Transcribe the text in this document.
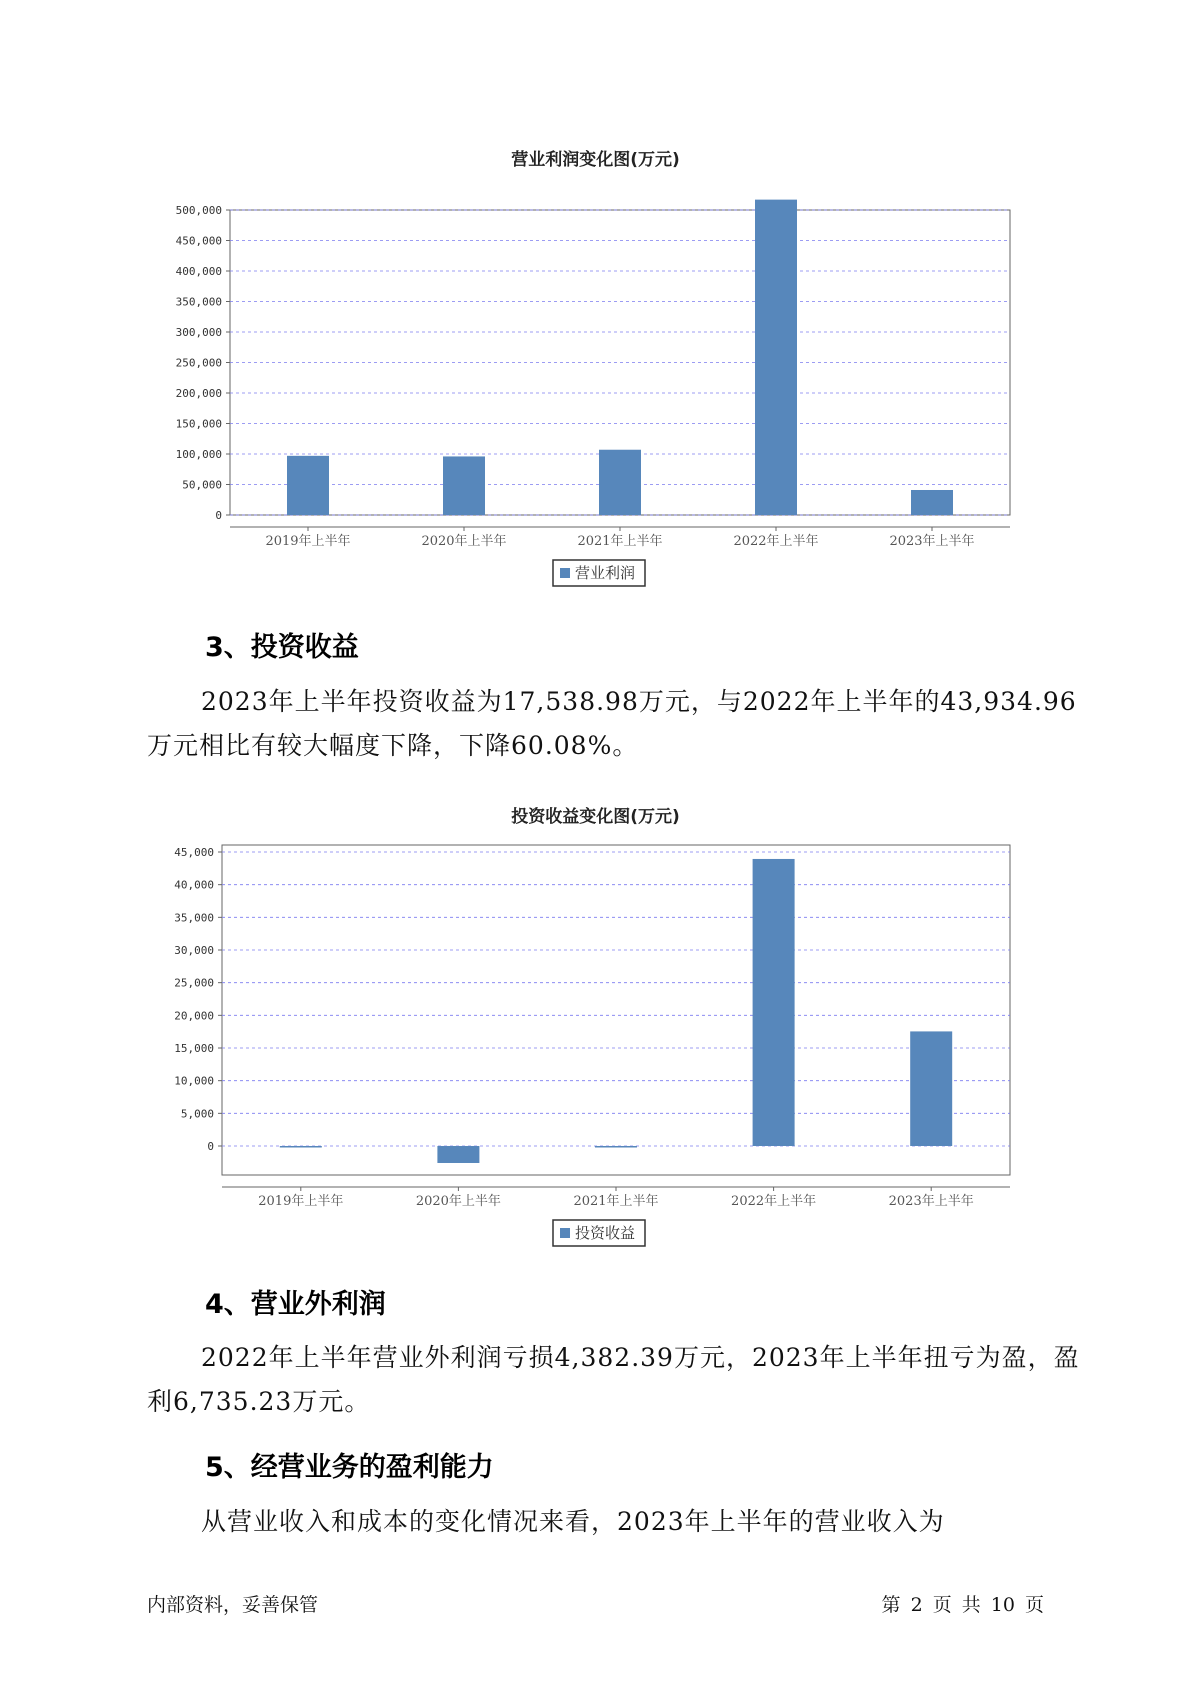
营业利润变化图(万元)
0
50,000
100,000
150,000
200,000
250,000
300,000
350,000
400,000
450,000
500,000
2019年上半年	2020年上半年	2021年上半年	2022年上半年	2023年上半年
营业利润
3、投资收益

2023年上半年投资收益为17,538.98万元，与2022年上半年的43,934.96万元相比有较大幅度下降，下降60.08%。

投资收益变化图(万元)
0
5,000
10,000
15,000
20,000
25,000
30,000
35,000
40,000
45,000
2019年上半年	2020年上半年	2021年上半年	2022年上半年	2023年上半年
投资收益
4、营业外利润

2022年上半年营业外利润亏损4,382.39万元，2023年上半年扭亏为盈，盈利6,735.23万元。

5、经营业务的盈利能力

从营业收入和成本的变化情况来看，2023年上半年的营业收入为

内部资料，妥善保管	第 2 页 共 10 页
